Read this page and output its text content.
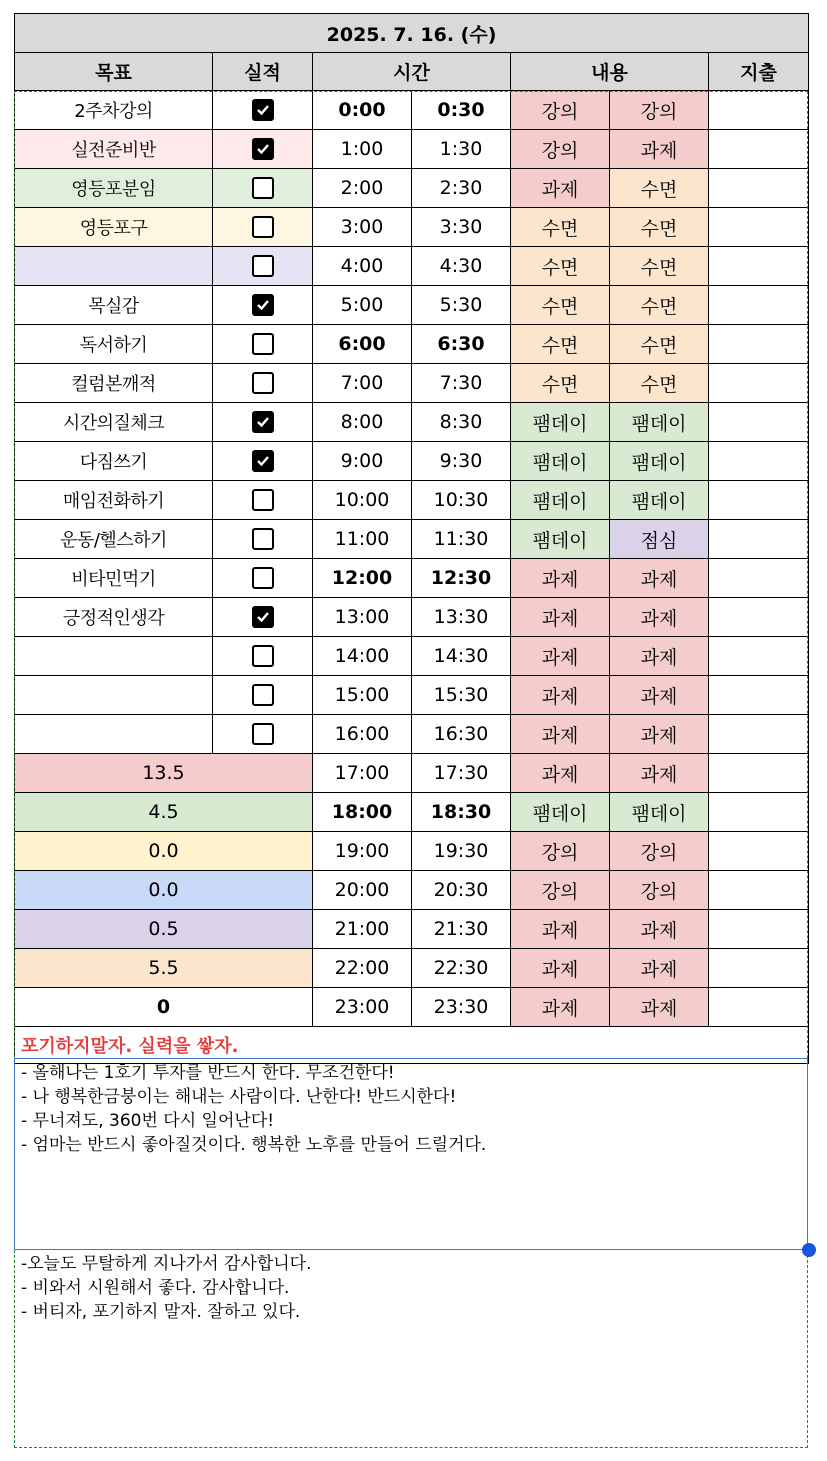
2025. 7. 16. (수)						
목표	실적	시간		내용		지출
2주차강의		0:00	0:30	강의	강의	
실전준비반		1:00	1:30	강의	과제	
영등포분임		2:00	2:30	과제	수면	
영등포구		3:00	3:30	수면	수면	
		4:00	4:30	수면	수면	
목실감		5:00	5:30	수면	수면	
독서하기		6:00	6:30	수면	수면	
컬럼본깨적		7:00	7:30	수면	수면	
시간의질체크		8:00	8:30	팸데이	팸데이	
다짐쓰기		9:00	9:30	팸데이	팸데이	
매임전화하기		10:00	10:30	팸데이	팸데이	
운동/헬스하기		11:00	11:30	팸데이	점심	
비타민먹기		12:00	12:30	과제	과제	
긍정적인생각		13:00	13:30	과제	과제	
		14:00	14:30	과제	과제	
		15:00	15:30	과제	과제	
		16:00	16:30	과제	과제	
13.5		17:00	17:30	과제	과제	
4.5		18:00	18:30	팸데이	팸데이	
0.0		19:00	19:30	강의	강의	
0.0		20:00	20:30	강의	강의	
0.5		21:00	21:30	과제	과제	
5.5		22:00	22:30	과제	과제	
0		23:00	23:30	과제	과제	
포기하지말자. 실력을 쌓자.						
- 올해나는 1호기 투자를 반드시 한다. 무조건한다!
- 나 행복한금붕이는 해내는 사람이다. 난한다! 반드시한다!
- 무너져도, 360번 다시 일어난다!
- 엄마는 반드시 좋아질것이다. 행복한 노후를 만들어 드릴거다.
-오늘도 무탈하게 지나가서 감사합니다.
- 비와서 시원해서 좋다. 감사합니다.
- 버티자, 포기하지 말자. 잘하고 있다.
